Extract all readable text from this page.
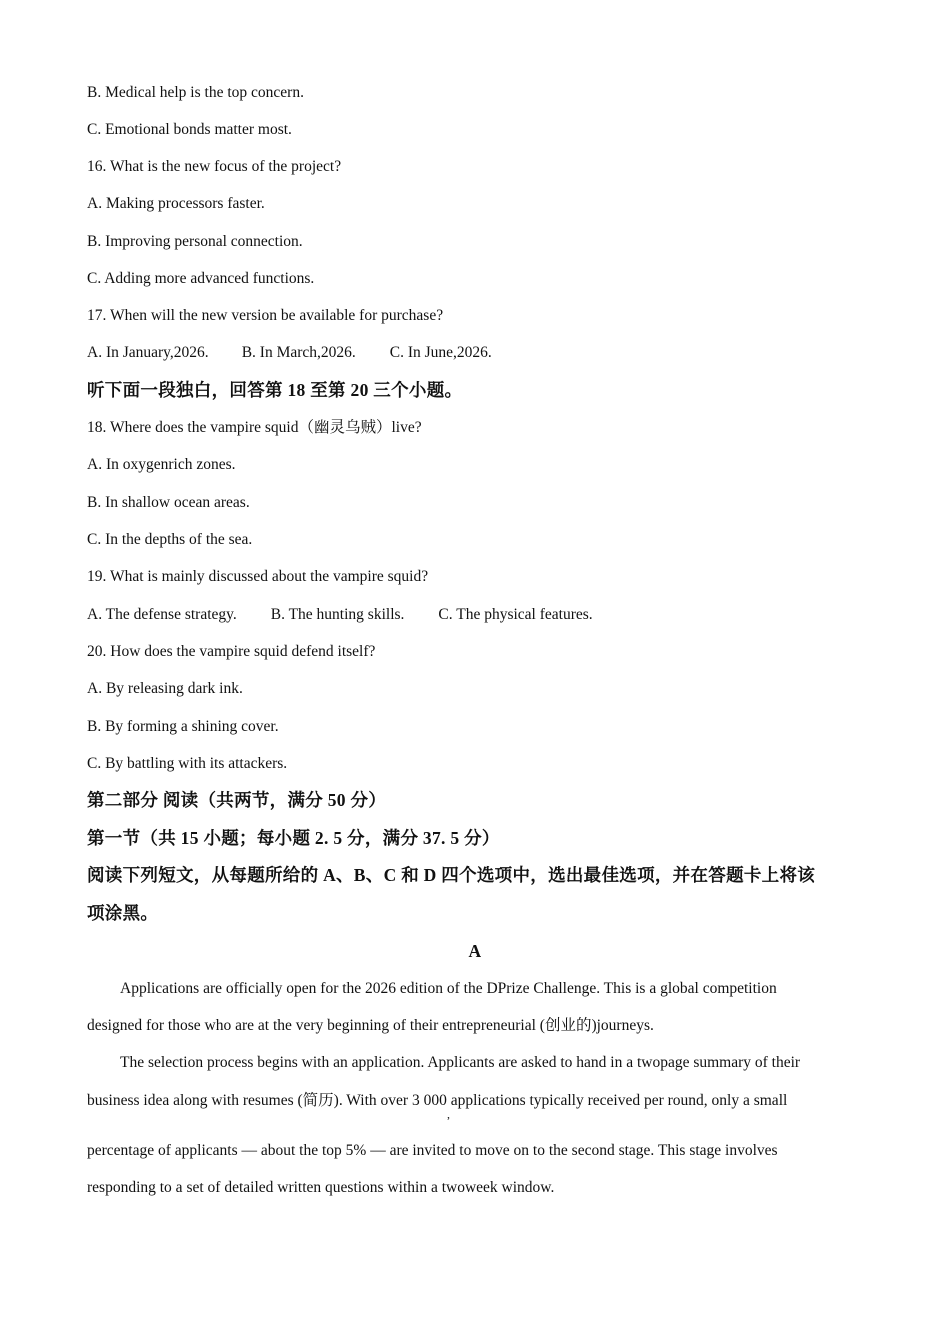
B. Medical help is the top concern.
C. Emotional bonds matter most.
16. What is the new focus of the project?
A. Making processors faster.
B. Improving personal connection.
C. Adding more advanced functions.
17. When will the new version be available for purchase?
A. In January,2026. B. In March,2026. C. In June,2026.
听下面一段独白，回答第 18 至第 20 三个小题。
18. Where does the vampire squid（幽灵乌贼）live?
A. In oxygenrich zones.
B. In shallow ocean areas.
C. In the depths of the sea.
19. What is mainly discussed about the vampire squid?
A. The defense strategy. B. The hunting skills. C. The physical features.
20. How does the vampire squid defend itself?
A. By releasing dark ink.
B. By forming a shining cover.
C. By battling with its attackers.
第二部分 阅读（共两节，满分 50 分）
第一节（共 15 小题；每小题 2. 5 分，满分 37. 5 分）
阅读下列短文，从每题所给的 A、B、C 和 D 四个选项中，选出最佳选项，并在答题卡上将该
项涂黑。
A
Applications are officially open for the 2026 edition of the DPrize Challenge. This is a global competition
designed for those who are at the very beginning of their entrepreneurial (创业的)journeys.
The selection process begins with an application. Applicants are asked to hand in a twopage summary of their
business idea along with resumes (简历). With over 3 000 applications typically received per round, only a small
,
percentage of applicants — about the top 5% — are invited to move on to the second stage. This stage involves
responding to a set of detailed written questions within a twoweek window.
